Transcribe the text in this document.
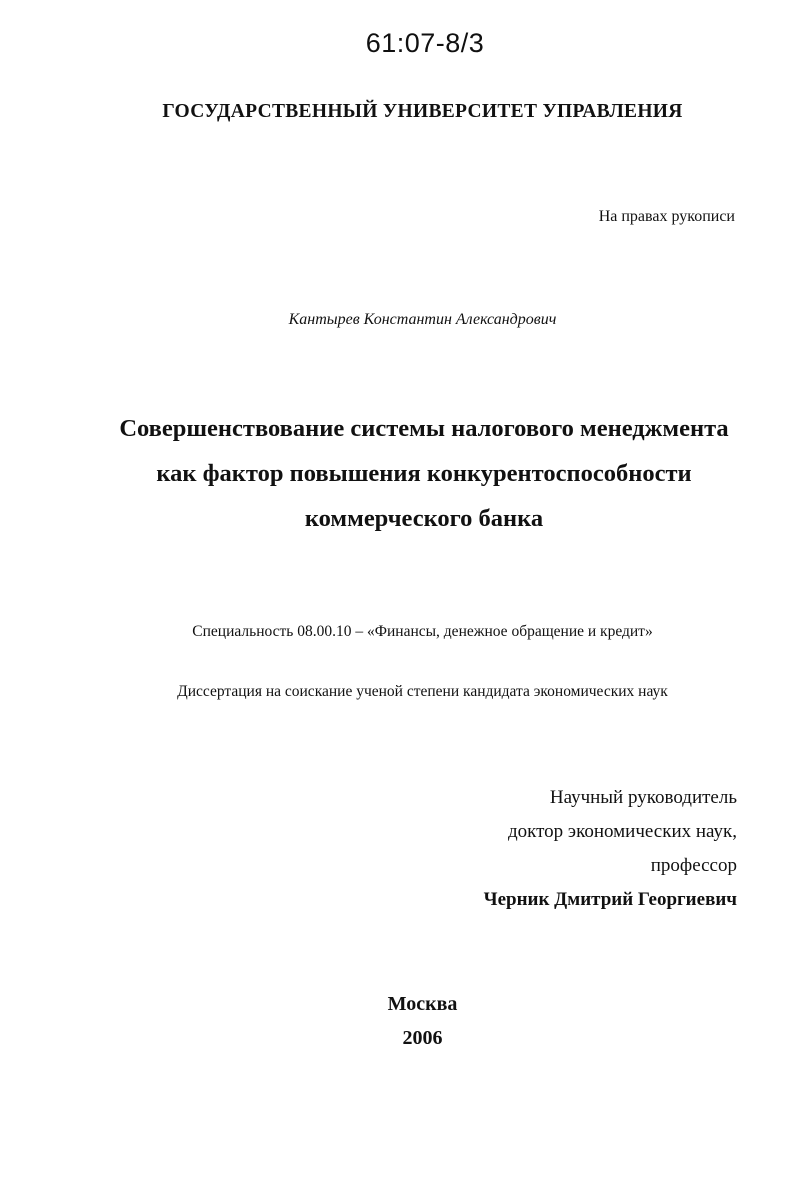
61:07-8/3
ГОСУДАРСТВЕННЫЙ УНИВЕРСИТЕТ УПРАВЛЕНИЯ
На правах рукописи
Кантырев Константин Александрович
Совершенствование системы налогового менеджмента
как фактор повышения конкурентоспособности
коммерческого банка
Специальность 08.00.10 – «Финансы, денежное обращение и кредит»
Диссертация на соискание ученой степени кандидата экономических наук
Научный руководитель
доктор экономических наук,
профессор
Черник Дмитрий Георгиевич
Москва
2006
